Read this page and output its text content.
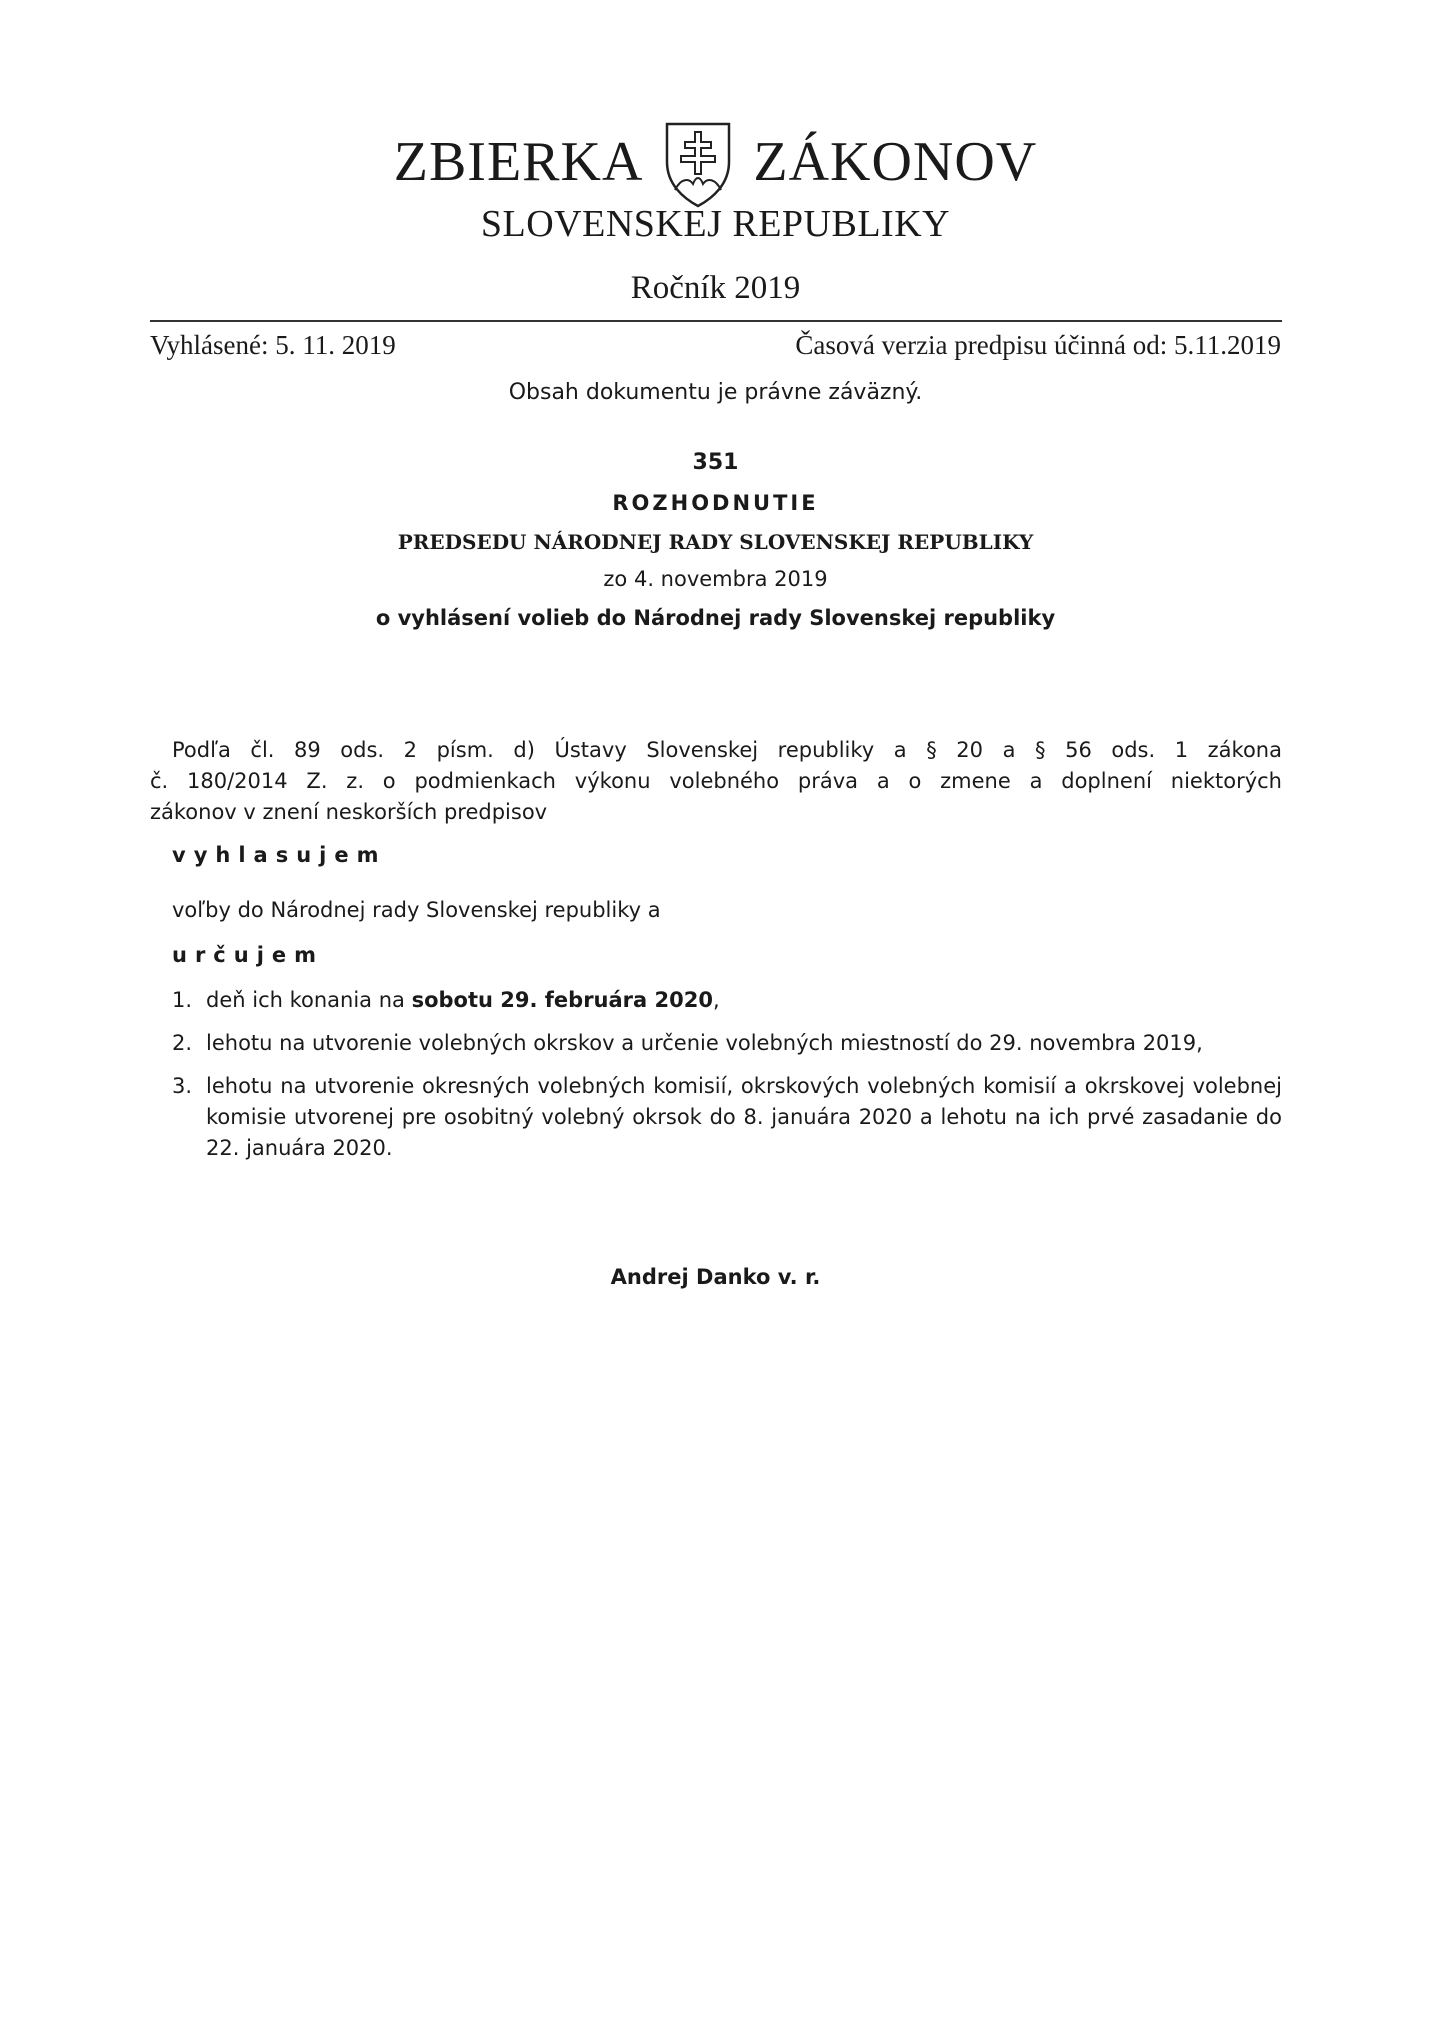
ZBIERKA ZÁKONOV
SLOVENSKEJ REPUBLIKY
Ročník 2019
Vyhlásené: 5. 11. 2019	Časová verzia predpisu účinná od: 5.11.2019
Obsah dokumentu je právne záväzný.
351
ROZHODNUTIE
PREDSEDU NÁRODNEJ RADY SLOVENSKEJ REPUBLIKY
zo 4. novembra 2019
o vyhlásení volieb do Národnej rady Slovenskej republiky
Podľa čl. 89 ods. 2 písm. d) Ústavy Slovenskej republiky a § 20 a § 56 ods. 1 zákona
č. 180/2014 Z. z. o podmienkach výkonu volebného práva a o zmene a doplnení niektorých
zákonov v znení neskorších predpisov
vyhlasujem
voľby do Národnej rady Slovenskej republiky a
určujem
1. deň ich konania na sobotu 29. februára 2020,
2. lehotu na utvorenie volebných okrskov a určenie volebných miestností do 29. novembra 2019,
3. lehotu na utvorenie okresných volebných komisií, okrskových volebných komisií a okrskovej volebnej komisie utvorenej pre osobitný volebný okrsok do 8. januára 2020 a lehotu na ich prvé zasadanie do 22. januára 2020.
Andrej Danko v. r.
